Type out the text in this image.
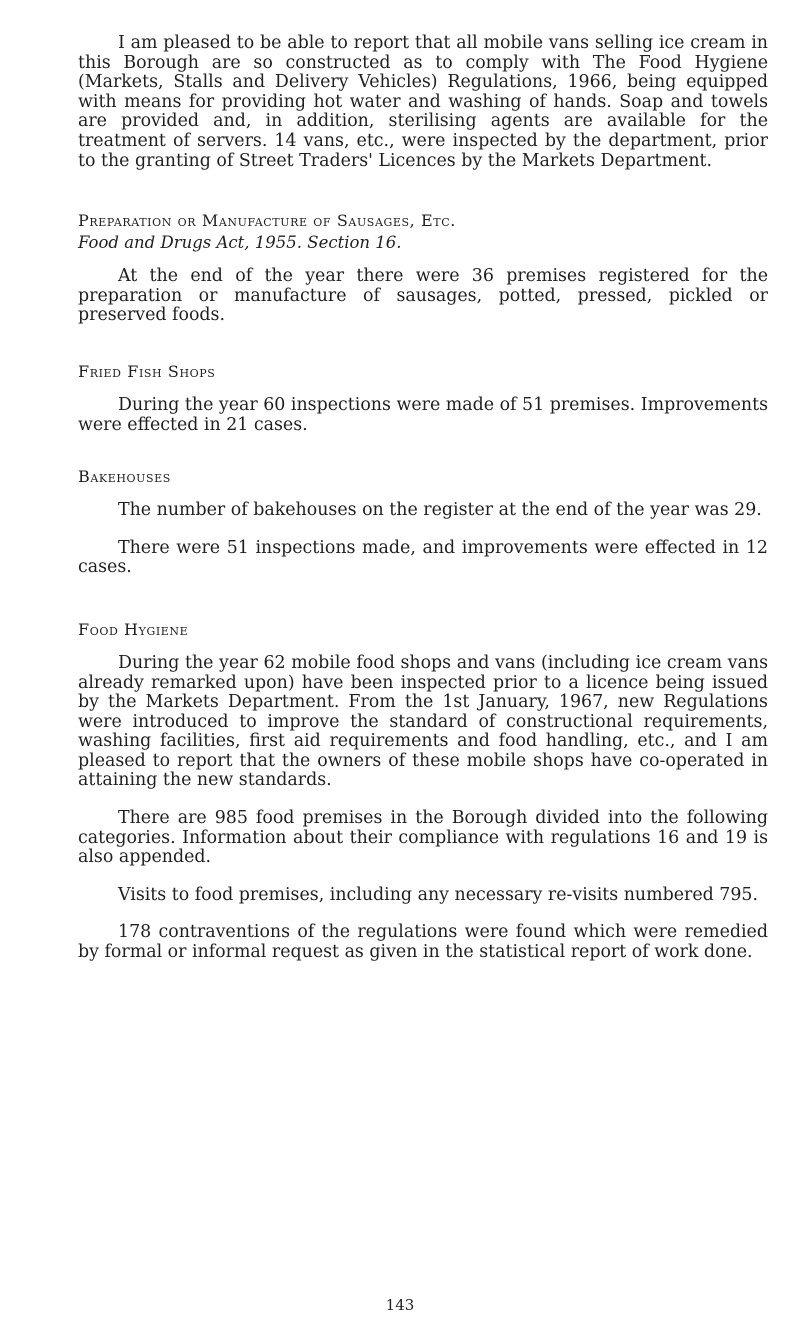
I am pleased to be able to report that all mobile vans selling ice cream in this Borough are so constructed as to comply with The Food Hygiene (Markets, Stalls and Delivery Vehicles) Regulations, 1966, being equipped with means for providing hot water and washing of hands. Soap and towels are provided and, in addition, sterilising agents are available for the treatment of servers. 14 vans, etc., were inspected by the department, prior to the granting of Street Traders' Licences by the Markets Department.

Preparation or Manufacture of Sausages, Etc.
Food and Drugs Act, 1955. Section 16.

At the end of the year there were 36 premises registered for the preparation or manufacture of sausages, potted, pressed, pickled or preserved foods.

Fried Fish Shops

During the year 60 inspections were made of 51 premises. Improvements were effected in 21 cases.

Bakehouses

The number of bakehouses on the register at the end of the year was 29.

There were 51 inspections made, and improvements were effected in 12 cases.

Food Hygiene

During the year 62 mobile food shops and vans (including ice cream vans already remarked upon) have been inspected prior to a licence being issued by the Markets Department. From the 1st January, 1967, new Regulations were introduced to improve the standard of constructional requirements, washing facilities, first aid requirements and food handling, etc., and I am pleased to report that the owners of these mobile shops have co-operated in attaining the new standards.

There are 985 food premises in the Borough divided into the following categories. Information about their compliance with regulations 16 and 19 is also appended.

Visits to food premises, including any necessary re-visits numbered 795.

178 contraventions of the regulations were found which were remedied by formal or informal request as given in the statistical report of work done.

143
